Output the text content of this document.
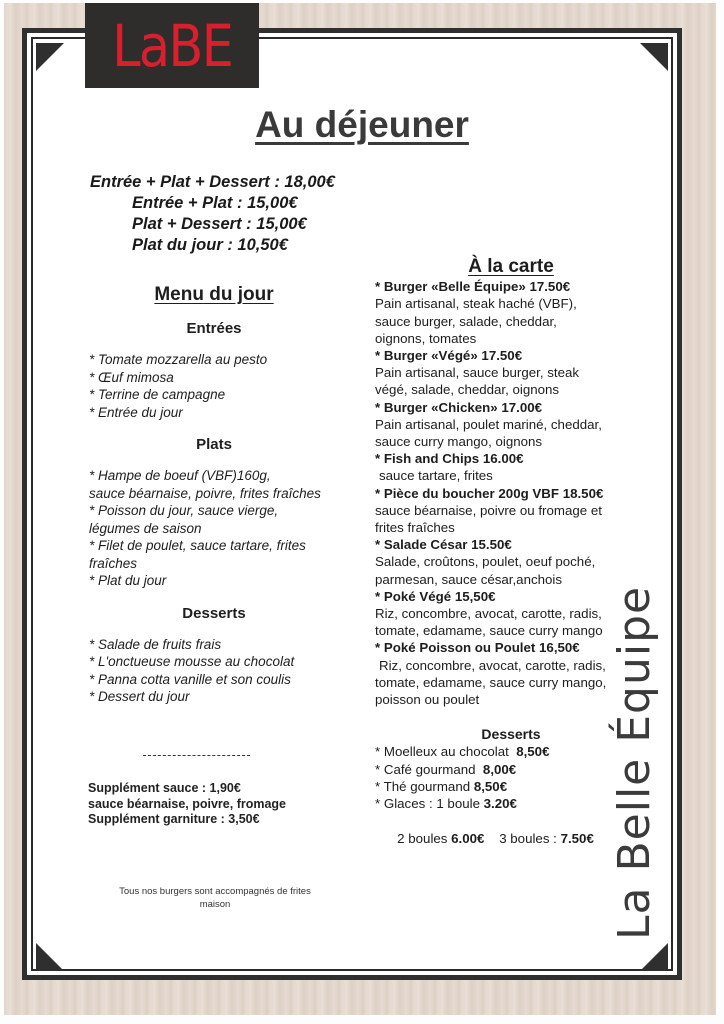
LaBE
Au déjeuner
Entrée + Plat + Dessert : 18,00€
Entrée + Plat : 15,00€
Plat + Dessert : 15,00€
Plat du jour : 10,50€
Menu du jour
Entrées
* Tomate mozzarella au pesto
* Œuf mimosa
* Terrine de campagne
* Entrée du jour
Plats
* Hampe de boeuf (VBF)160g,
sauce béarnaise, poivre, frites fraîches
* Poisson du jour, sauce vierge,
légumes de saison
* Filet de poulet, sauce tartare, frites
fraîches
* Plat du jour
Desserts
* Salade de fruits frais
* L'onctueuse mousse au chocolat
* Panna cotta vanille et son coulis
* Dessert du jour
Supplément sauce : 1,90€
sauce béarnaise, poivre, fromage
Supplément garniture : 3,50€
Tous nos burgers sont accompagnés de frites
maison
À la carte
* Burger «Belle Équipe» 17.50€
Pain artisanal, steak haché (VBF),
sauce burger, salade, cheddar,
oignons, tomates
* Burger «Végé» 17.50€
Pain artisanal, sauce burger, steak
végé, salade, cheddar, oignons
* Burger «Chicken» 17.00€
Pain artisanal, poulet mariné, cheddar,
sauce curry mango, oignons
* Fish and Chips 16.00€
sauce tartare, frites
* Pièce du boucher 200g VBF 18.50€
sauce béarnaise, poivre ou fromage et
frites fraîches
* Salade César 15.50€
Salade, croûtons, poulet, oeuf poché,
parmesan, sauce césar,anchois
* Poké Végé 15,50€
Riz, concombre, avocat, carotte, radis,
tomate, edamame, sauce curry mango
* Poké Poisson ou Poulet 16,50€
Riz, concombre, avocat, carotte, radis,
tomate, edamame, sauce curry mango,
poisson ou poulet
Desserts
* Moelleux au chocolat  8,50€
* Café gourmand  8,00€
* Thé gourmand 8,50€
* Glaces : 1 boule 3.20€

2 boules 6.00€    3 boules : 7.50€
La Belle Équipe
